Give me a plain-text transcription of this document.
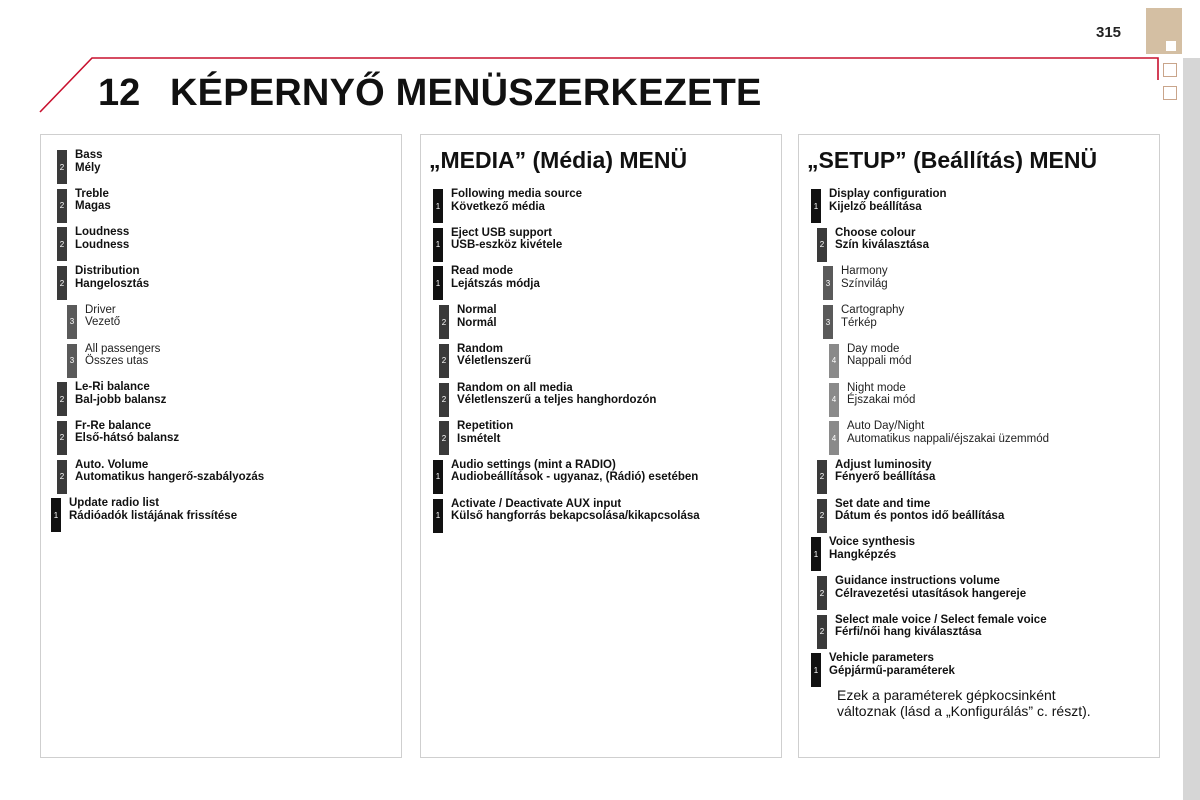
315
12 KÉPERNYŐ MENÜSZERKEZETE
2
Bass
Mély
2
Treble
Magas
2
Loudness
Loudness
2
Distribution
Hangelosztás
3
Driver
Vezető
3
All passengers
Összes utas
2
Le-Ri balance
Bal-jobb balansz
2
Fr-Re balance
Első-hátsó balansz
2
Auto. Volume
Automatikus hangerő-szabályozás
1
Update radio list
Rádióadók listájának frissítése
„MEDIA” (Média) MENÜ
1
Following media source
Következő média
1
Eject USB support
USB-eszköz kivétele
1
Read mode
Lejátszás módja
2
Normal
Normál
2
Random
Véletlenszerű
2
Random on all media
Véletlenszerű a teljes hanghordozón
2
Repetition
Ismételt
1
Audio settings (mint a RADIO)
Audiobeállítások - ugyanaz, (Rádió) esetében
1
Activate / Deactivate AUX input
Külső hangforrás bekapcsolása/kikapcsolása
„SETUP” (Beállítás) MENÜ
1
Display configuration
Kijelző beállítása
2
Choose colour
Szín kiválasztása
3
Harmony
Színvilág
3
Cartography
Térkép
4
Day mode
Nappali mód
4
Night mode
Éjszakai mód
4
Auto Day/Night
Automatikus nappali/éjszakai üzemmód
2
Adjust luminosity
Fényerő beállítása
2
Set date and time
Dátum és pontos idő beállítása
1
Voice synthesis
Hangképzés
2
Guidance instructions volume
Célravezetési utasítások hangereje
2
Select male voice / Select female voice
Férfi/női hang kiválasztása
1
Vehicle parameters
Gépjármű-paraméterek
Ezek a paraméterek gépkocsinként
változnak (lásd a „Konfigurálás” c. részt).
